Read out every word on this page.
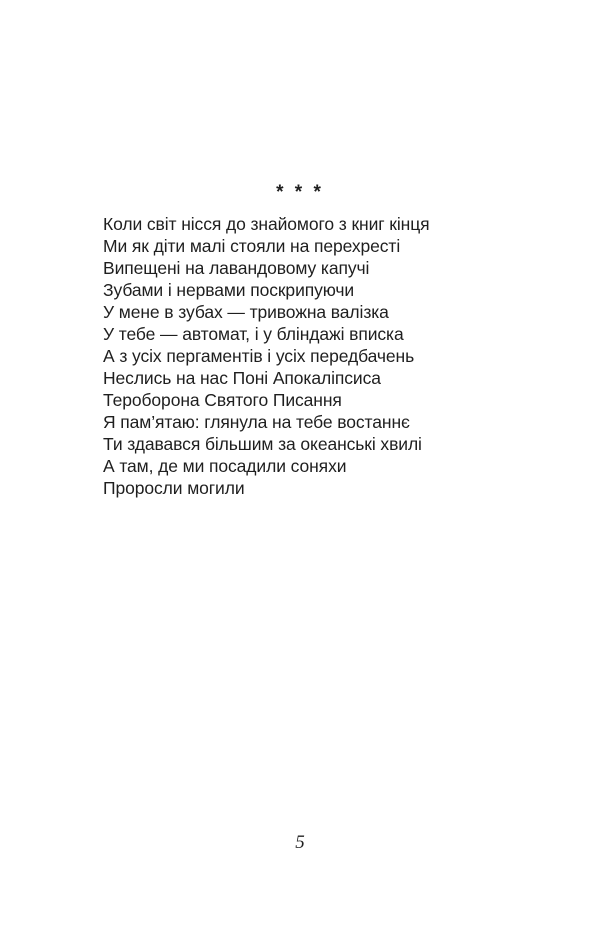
* * *
Коли світ нісся до знайомого з книг кінця
Ми як діти малі стояли на перехресті
Випещені на лавандовому капучі
Зубами і нервами поскрипуючи
У мене в зубах — тривожна валізка
У тебе — автомат, і у бліндажі вписка
А з усіх пергаментів і усіх передбачень
Неслись на нас Поні Апокаліпсиса
Тероборона Святого Писання
Я пам’ятаю: глянула на тебе востаннє
Ти здавався більшим за океанські хвилі
А там, де ми посадили соняхи
Проросли могили
5
